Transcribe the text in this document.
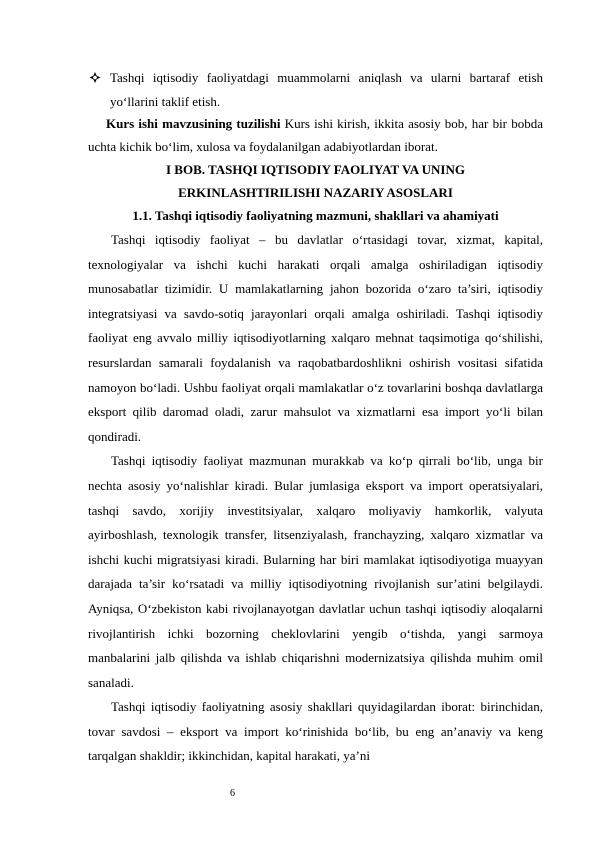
Tashqi iqtisodiy faoliyatdagi muammolarni aniqlash va ularni bartaraf etish yo‘llarini taklif etish.

Kurs ishi mavzusining tuzilishi Kurs ishi kirish, ikkita asosiy bob, har bir bobda uchta kichik bo‘lim, xulosa va foydalanilgan adabiyotlardan iborat.

I BOB. TASHQI IQTISODIY FAOLIYAT VA UNING

ERKINLASHTIRILISHI NAZARIY ASOSLARI

1.1. Tashqi iqtisodiy faoliyatning mazmuni, shakllari va ahamiyati

Tashqi iqtisodiy faoliyat – bu davlatlar o‘rtasidagi tovar, xizmat, kapital, texnologiyalar va ishchi kuchi harakati orqali amalga oshiriladigan iqtisodiy munosabatlar tizimidir. U mamlakatlarning jahon bozorida o‘zaro ta’siri, iqtisodiy integratsiyasi va savdo-sotiq jarayonlari orqali amalga oshiriladi. Tashqi iqtisodiy faoliyat eng avvalo milliy iqtisodiyotlarning xalqaro mehnat taqsimotiga qo‘shilishi, resurslardan samarali foydalanish va raqobatbardoshlikni oshirish vositasi sifatida namoyon bo‘ladi. Ushbu faoliyat orqali mamlakatlar o‘z tovarlarini boshqa davlatlarga eksport qilib daromad oladi, zarur mahsulot va xizmatlarni esa import yo‘li bilan qondiradi.

Tashqi iqtisodiy faoliyat mazmunan murakkab va ko‘p qirrali bo‘lib, unga bir nechta asosiy yo‘nalishlar kiradi. Bular jumlasiga eksport va import operatsiyalari, tashqi savdo, xorijiy investitsiyalar, xalqaro moliyaviy hamkorlik, valyuta ayirboshlash, texnologik transfer, litsenziyalash, franchayzing, xalqaro xizmatlar va ishchi kuchi migratsiyasi kiradi. Bularning har biri mamlakat iqtisodiyotiga muayyan darajada ta’sir ko‘rsatadi va milliy iqtisodiyotning rivojlanish sur’atini belgilaydi. Ayniqsa, O‘zbekiston kabi rivojlanayotgan davlatlar uchun tashqi iqtisodiy aloqalarni rivojlantirish ichki bozorning cheklovlarini yengib o‘tishda, yangi sarmoya manbalarini jalb qilishda va ishlab chiqarishni modernizatsiya qilishda muhim omil sanaladi.

Tashqi iqtisodiy faoliyatning asosiy shakllari quyidagilardan iborat: birinchidan, tovar savdosi – eksport va import ko‘rinishida bo‘lib, bu eng an’anaviy va keng tarqalgan shakldir; ikkinchidan, kapital harakati, ya’ni

6
